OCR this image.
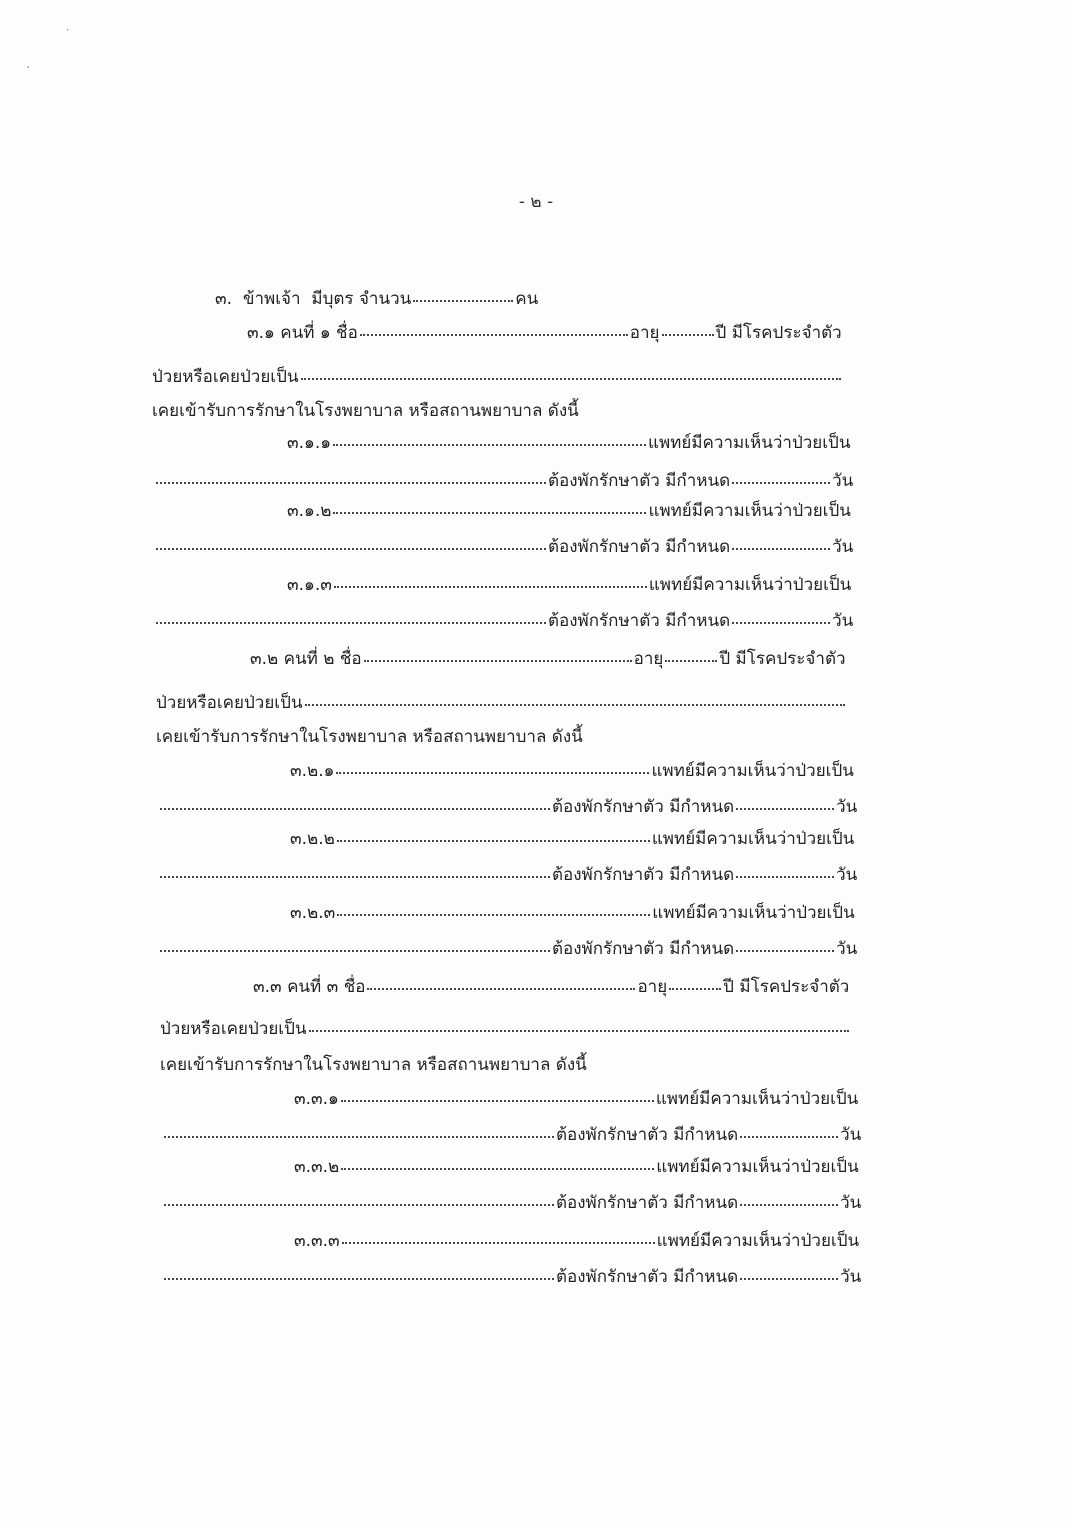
˙
·
- ๒ -
๓.
ข้าพเจ้า
มีบุตร
จำนวน	คน
๓.๑
คนที่
๑
ชื่อ	อายุ	ปี มีโรคประจำตัว
ป่วยหรือเคยป่วยเป็น
เคยเข้ารับการรักษาในโรงพยาบาล หรือสถานพยาบาล ดังนี้
๓.๑.๑	แพทย์มีความเห็นว่าป่วยเป็น
ต้องพักรักษาตัว มีกำหนด	วัน
๓.๑.๒	แพทย์มีความเห็นว่าป่วยเป็น
ต้องพักรักษาตัว มีกำหนด	วัน
๓.๑.๓	แพทย์มีความเห็นว่าป่วยเป็น
ต้องพักรักษาตัว มีกำหนด	วัน
๓.๒
คนที่
๒
ชื่อ	อายุ	ปี มีโรคประจำตัว
ป่วยหรือเคยป่วยเป็น
เคยเข้ารับการรักษาในโรงพยาบาล หรือสถานพยาบาล ดังนี้
๓.๒.๑	แพทย์มีความเห็นว่าป่วยเป็น
ต้องพักรักษาตัว มีกำหนด	วัน
๓.๒.๒	แพทย์มีความเห็นว่าป่วยเป็น
ต้องพักรักษาตัว มีกำหนด	วัน
๓.๒.๓	แพทย์มีความเห็นว่าป่วยเป็น
ต้องพักรักษาตัว มีกำหนด	วัน
๓.๓
คนที่
๓
ชื่อ	อายุ	ปี มีโรคประจำตัว
ป่วยหรือเคยป่วยเป็น
เคยเข้ารับการรักษาในโรงพยาบาล หรือสถานพยาบาล ดังนี้
๓.๓.๑	แพทย์มีความเห็นว่าป่วยเป็น
ต้องพักรักษาตัว มีกำหนด	วัน
๓.๓.๒	แพทย์มีความเห็นว่าป่วยเป็น
ต้องพักรักษาตัว มีกำหนด	วัน
๓.๓.๓	แพทย์มีความเห็นว่าป่วยเป็น
ต้องพักรักษาตัว มีกำหนด	วัน
